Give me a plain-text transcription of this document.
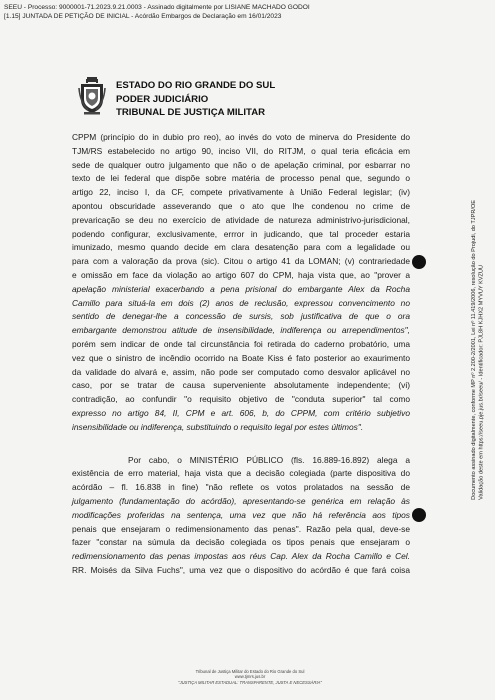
SEEU - Processo: 9000001-71.2023.9.21.0003 - Assinado digitalmente por LISIANE MACHADO GODOI
[1.15] JUNTADA DE PETIÇÃO DE INICIAL - Acórdão Embargos de Declaração em 16/01/2023
Documento assinado digitalmente, conforme MP nº 2.200-2/2001, Lei nº 11.419/2006, resolução do Projudi, do TJPR/OE Validação deste em https://seeu.pje.jus.br/seeu/ - Identificador: PJL8H KJHX2 MYVUY KVZUU
ESTADO DO RIO GRANDE DO SUL
PODER JUDICIÁRIO
TRIBUNAL DE JUSTIÇA MILITAR

CPPM (princípio do in dubio pro reo), ao invés do voto de minerva do Presidente do

TJM/RS estabelecido no artigo 90, inciso VII, do RITJM, o qual teria eficácia em

sede de qualquer outro julgamento que não o de apelação criminal, por esbarrar no

texto de lei federal que dispõe sobre matéria de processo penal que, segundo o

artigo 22, inciso I, da CF, compete privativamente à União Federal legislar; (iv)

apontou obscuridade asseverando que o ato que lhe condenou no crime de

prevaricação se deu no exercício de atividade de natureza administrivo-jurisdicional,

podendo configurar, exclusivamente, errror in judicando, que tal proceder estaria

imunizado, mesmo quando decide em clara desatenção para com a legalidade ou

para com a valoração da prova (sic). Citou o artigo 41 da LOMAN; (v) contrariedade

e omissão em face da violação ao artigo 607 do CPM, haja vista que, ao "prover a

apelação ministerial exacerbando a pena prisional do embargante Alex da Rocha

Camillo para situá-la em dois (2) anos de reclusão, expressou convencimento no

sentido de denegar-lhe a concessão de sursis, sob justificativa de que o ora

embargante demonstrou atitude de insensibilidade, indiferença ou arrependimentos",

porém sem indicar de onde tal circunstância foi retirada do caderno probatório, uma

vez que o sinistro de incêndio ocorrido na Boate Kiss é fato posterior ao exaurimento

da validade do alvará e, assim, não pode ser computado como desvalor aplicável no

caso, por se tratar de causa superveniente absolutamente independente; (vi)

contradição, ao confundir "o requisito objetivo de "conduta superior" tal como

expresso no artigo 84, II, CPM e art. 606, b, do CPPM, com critério subjetivo

insensibilidade ou indiferença, substituindo o requisito legal por estes últimos".

Por cabo, o MINISTÉRIO PÚBLICO (fls. 16.889-16.892) alega a

existência de erro material, haja vista que a decisão colegiada (parte dispositiva do

acórdão – fl. 16.838 in fine) "não reflete os votos prolatados na sessão de

julgamento (fundamentação do acórdão), apresentando-se genérica em relação às

modificações proferidas na sentença, uma vez que não há referência aos tipos

penais que ensejaram o redimensionamento das penas". Razão pela qual, deve-se

fazer "constar na súmula da decisão colegiada os tipos penais que ensejaram o

redimensionamento das penas impostas aos réus Cap. Alex da Rocha Camillo e Cel.

RR. Moisés da Silva Fuchs", uma vez que o dispositivo do acórdão é que fará coisa

Tribunal de Justiça Militar do Estado do Rio Grande do Sul
www.tjmrs.jus.br
"JUSTIÇA MILITAR ESTADUAL: TRANSPARENTE, JUSTA E NECESSÁRIA"
